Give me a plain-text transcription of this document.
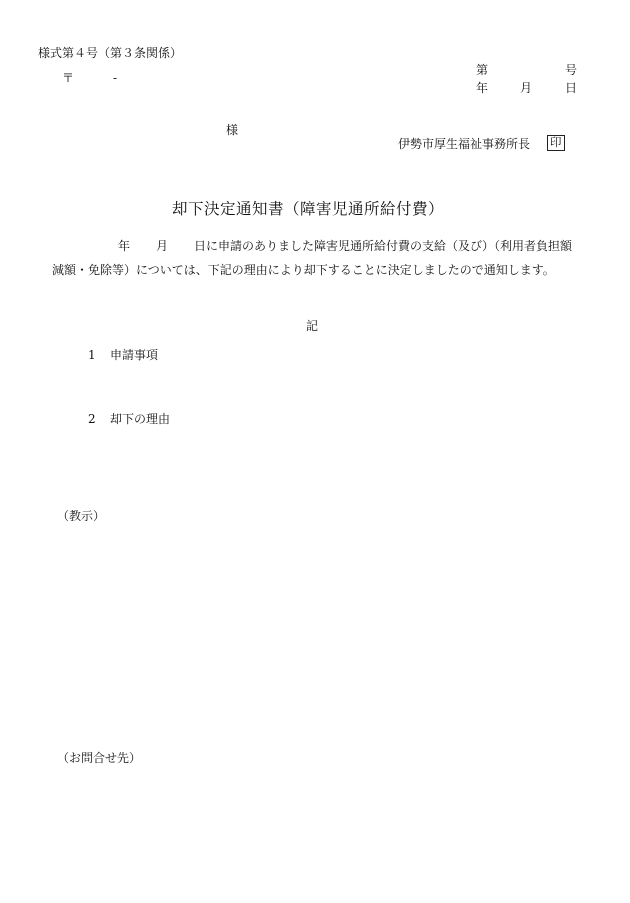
様式第４号（第３条関係）
〒	-
第	号
年	月	日
様
伊勢市厚生福祉事務所長 印
却下決定通知書（障害児通所給付費）
年 月 日に申請のありました障害児通所給付費の支給（及び）（利用者負担額減額・免除等）については、下記の理由により却下することに決定しましたので通知します。
記
1 申請事項
2 却下の理由
（教示）
（お問合せ先）
